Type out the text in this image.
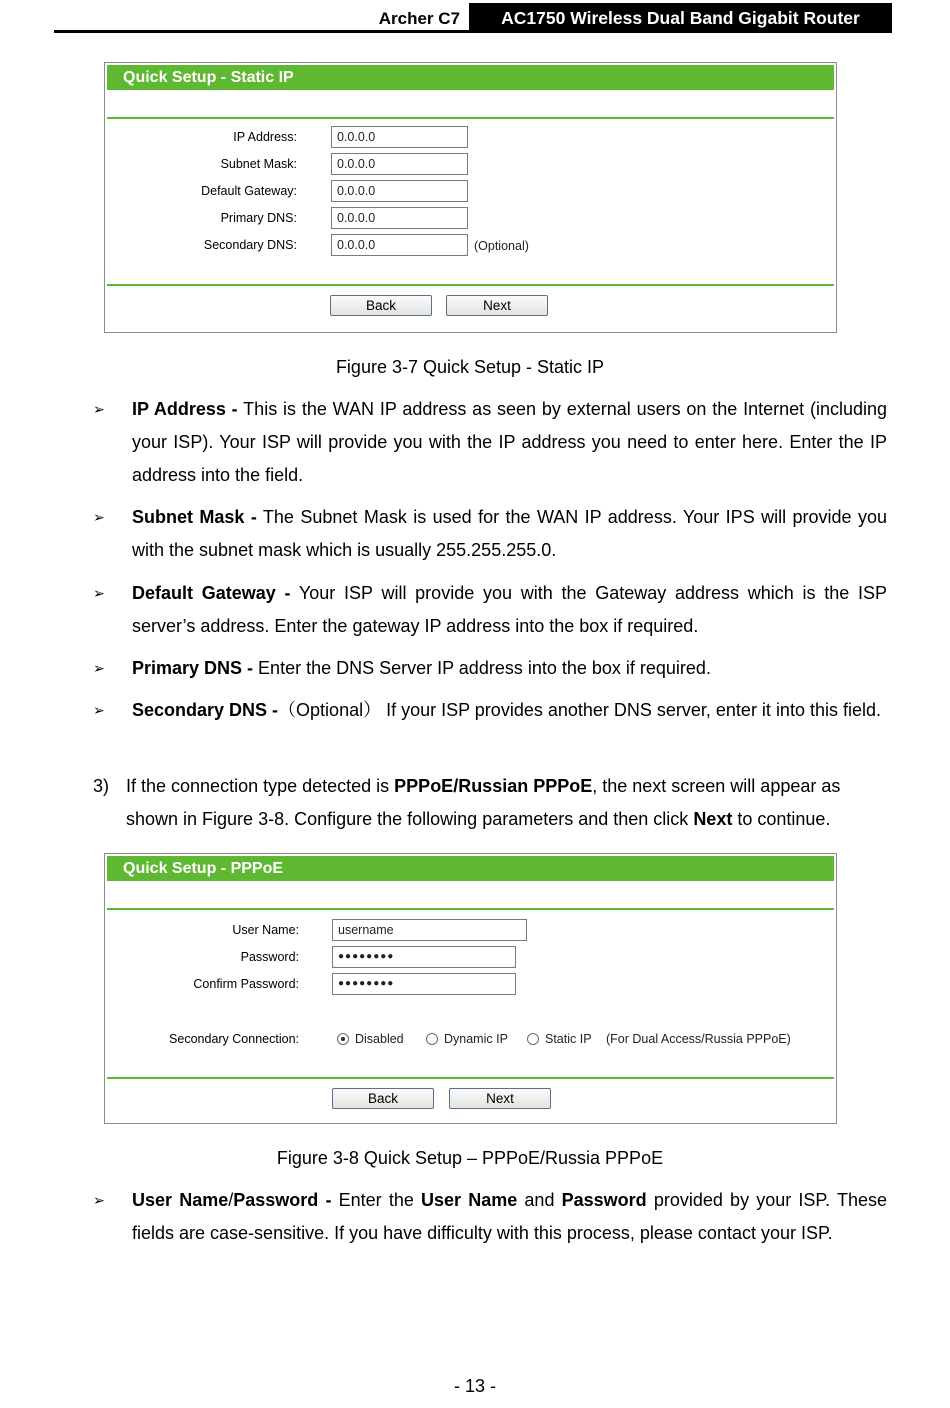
Archer C7	AC1750 Wireless Dual Band Gigabit Router
Quick Setup - Static IP
IP Address:	0.0.0.0
Subnet Mask:	0.0.0.0
Default Gateway:	0.0.0.0
Primary DNS:	0.0.0.0
Secondary DNS:	0.0.0.0	(Optional)
Back	Next
Figure 3-7 Quick Setup - Static IP
➢ IP Address - This is the WAN IP address as seen by external users on the Internet (including your ISP). Your ISP will provide you with the IP address you need to enter here. Enter the IP address into the field.
➢ Subnet Mask - The Subnet Mask is used for the WAN IP address. Your IPS will provide you with the subnet mask which is usually 255.255.255.0.
➢ Default Gateway - Your ISP will provide you with the Gateway address which is the ISP server’s address. Enter the gateway IP address into the box if required.
➢ Primary DNS - Enter the DNS Server IP address into the box if required.
➢ Secondary DNS -（Optional） If your ISP provides another DNS server, enter it into this field.
3) If the connection type detected is PPPoE/Russian PPPoE, the next screen will appear as shown in Figure 3-8. Configure the following parameters and then click Next to continue.
Quick Setup - PPPoE
User Name:	username
Password:	●●●●●●●●
Confirm Password:	●●●●●●●●
Secondary Connection:	Disabled	Dynamic IP	Static IP (For Dual Access/Russia PPPoE)
Back	Next
Figure 3-8 Quick Setup – PPPoE/Russia PPPoE
➢ User Name/Password - Enter the User Name and Password provided by your ISP. These fields are case-sensitive. If you have difficulty with this process, please contact your ISP.
- 13 -
